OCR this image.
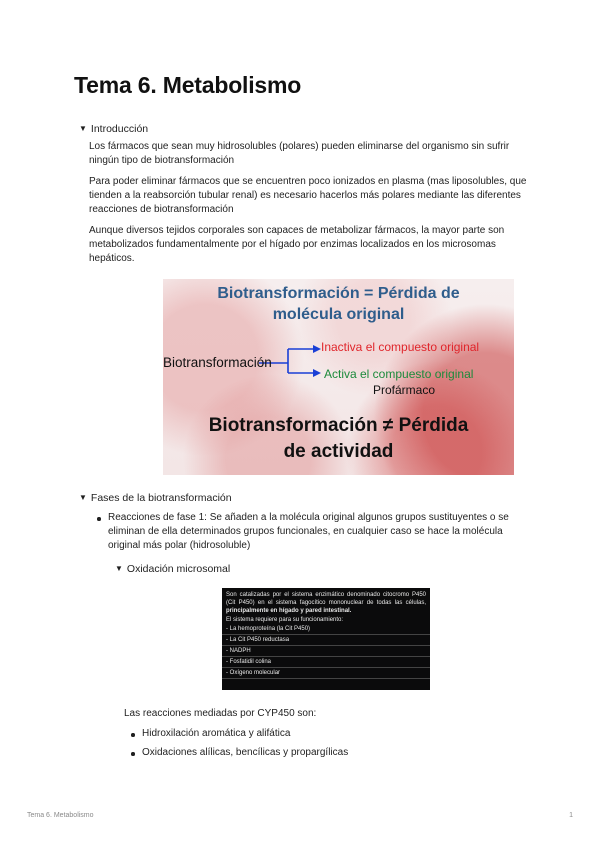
Tema 6. Metabolismo
▼ Introducción

Los fármacos que sean muy hidrosolubles (polares) pueden eliminarse del organismo sin sufrir ningún tipo de biotransformación

Para poder eliminar fármacos que se encuentren poco ionizados en plasma (mas liposolubles, que tienden a la reabsorción tubular renal) es necesario hacerlos más polares mediante las diferentes reacciones de biotransformación

Aunque diversos tejidos corporales son capaces de metabolizar fármacos, la mayor parte son metabolizados fundamentalmente por el hígado por enzimas localizados en los microsomas hepáticos.

Biotransformación = Pérdida de
molécula original
Biotransformación
Inactiva el compuesto original
Activa el compuesto original
Profármaco
Biotransformación ≠ Pérdida
de actividad
▼ Fases de la biotransformación
Reacciones de fase 1: Se añaden a la molécula original algunos grupos sustituyentes o se eliminan de ella determinados grupos funcionales, en cualquier caso se hace la molécula original más polar (hidrosoluble)
▼ Oxidación microsomal

Son catalizadas por el sistema enzimático denominado citocromo P450 (Cit P450) en el sistema fagocítico mononuclear de todas las células, principalmente en hígado y pared intestinal.

El sistema requiere para su funcionamiento:

- La hemoproteína (la Cit P450)

- La Cit P450 reductasa

- NADPH

- Fosfatidil colina

- Oxígeno molecular

Las reacciones mediadas por CYP450 son:
Hidroxilación aromática y alifática
Oxidaciones alílicas, bencílicas y propargílicas
Tema 6. Metabolismo	1
